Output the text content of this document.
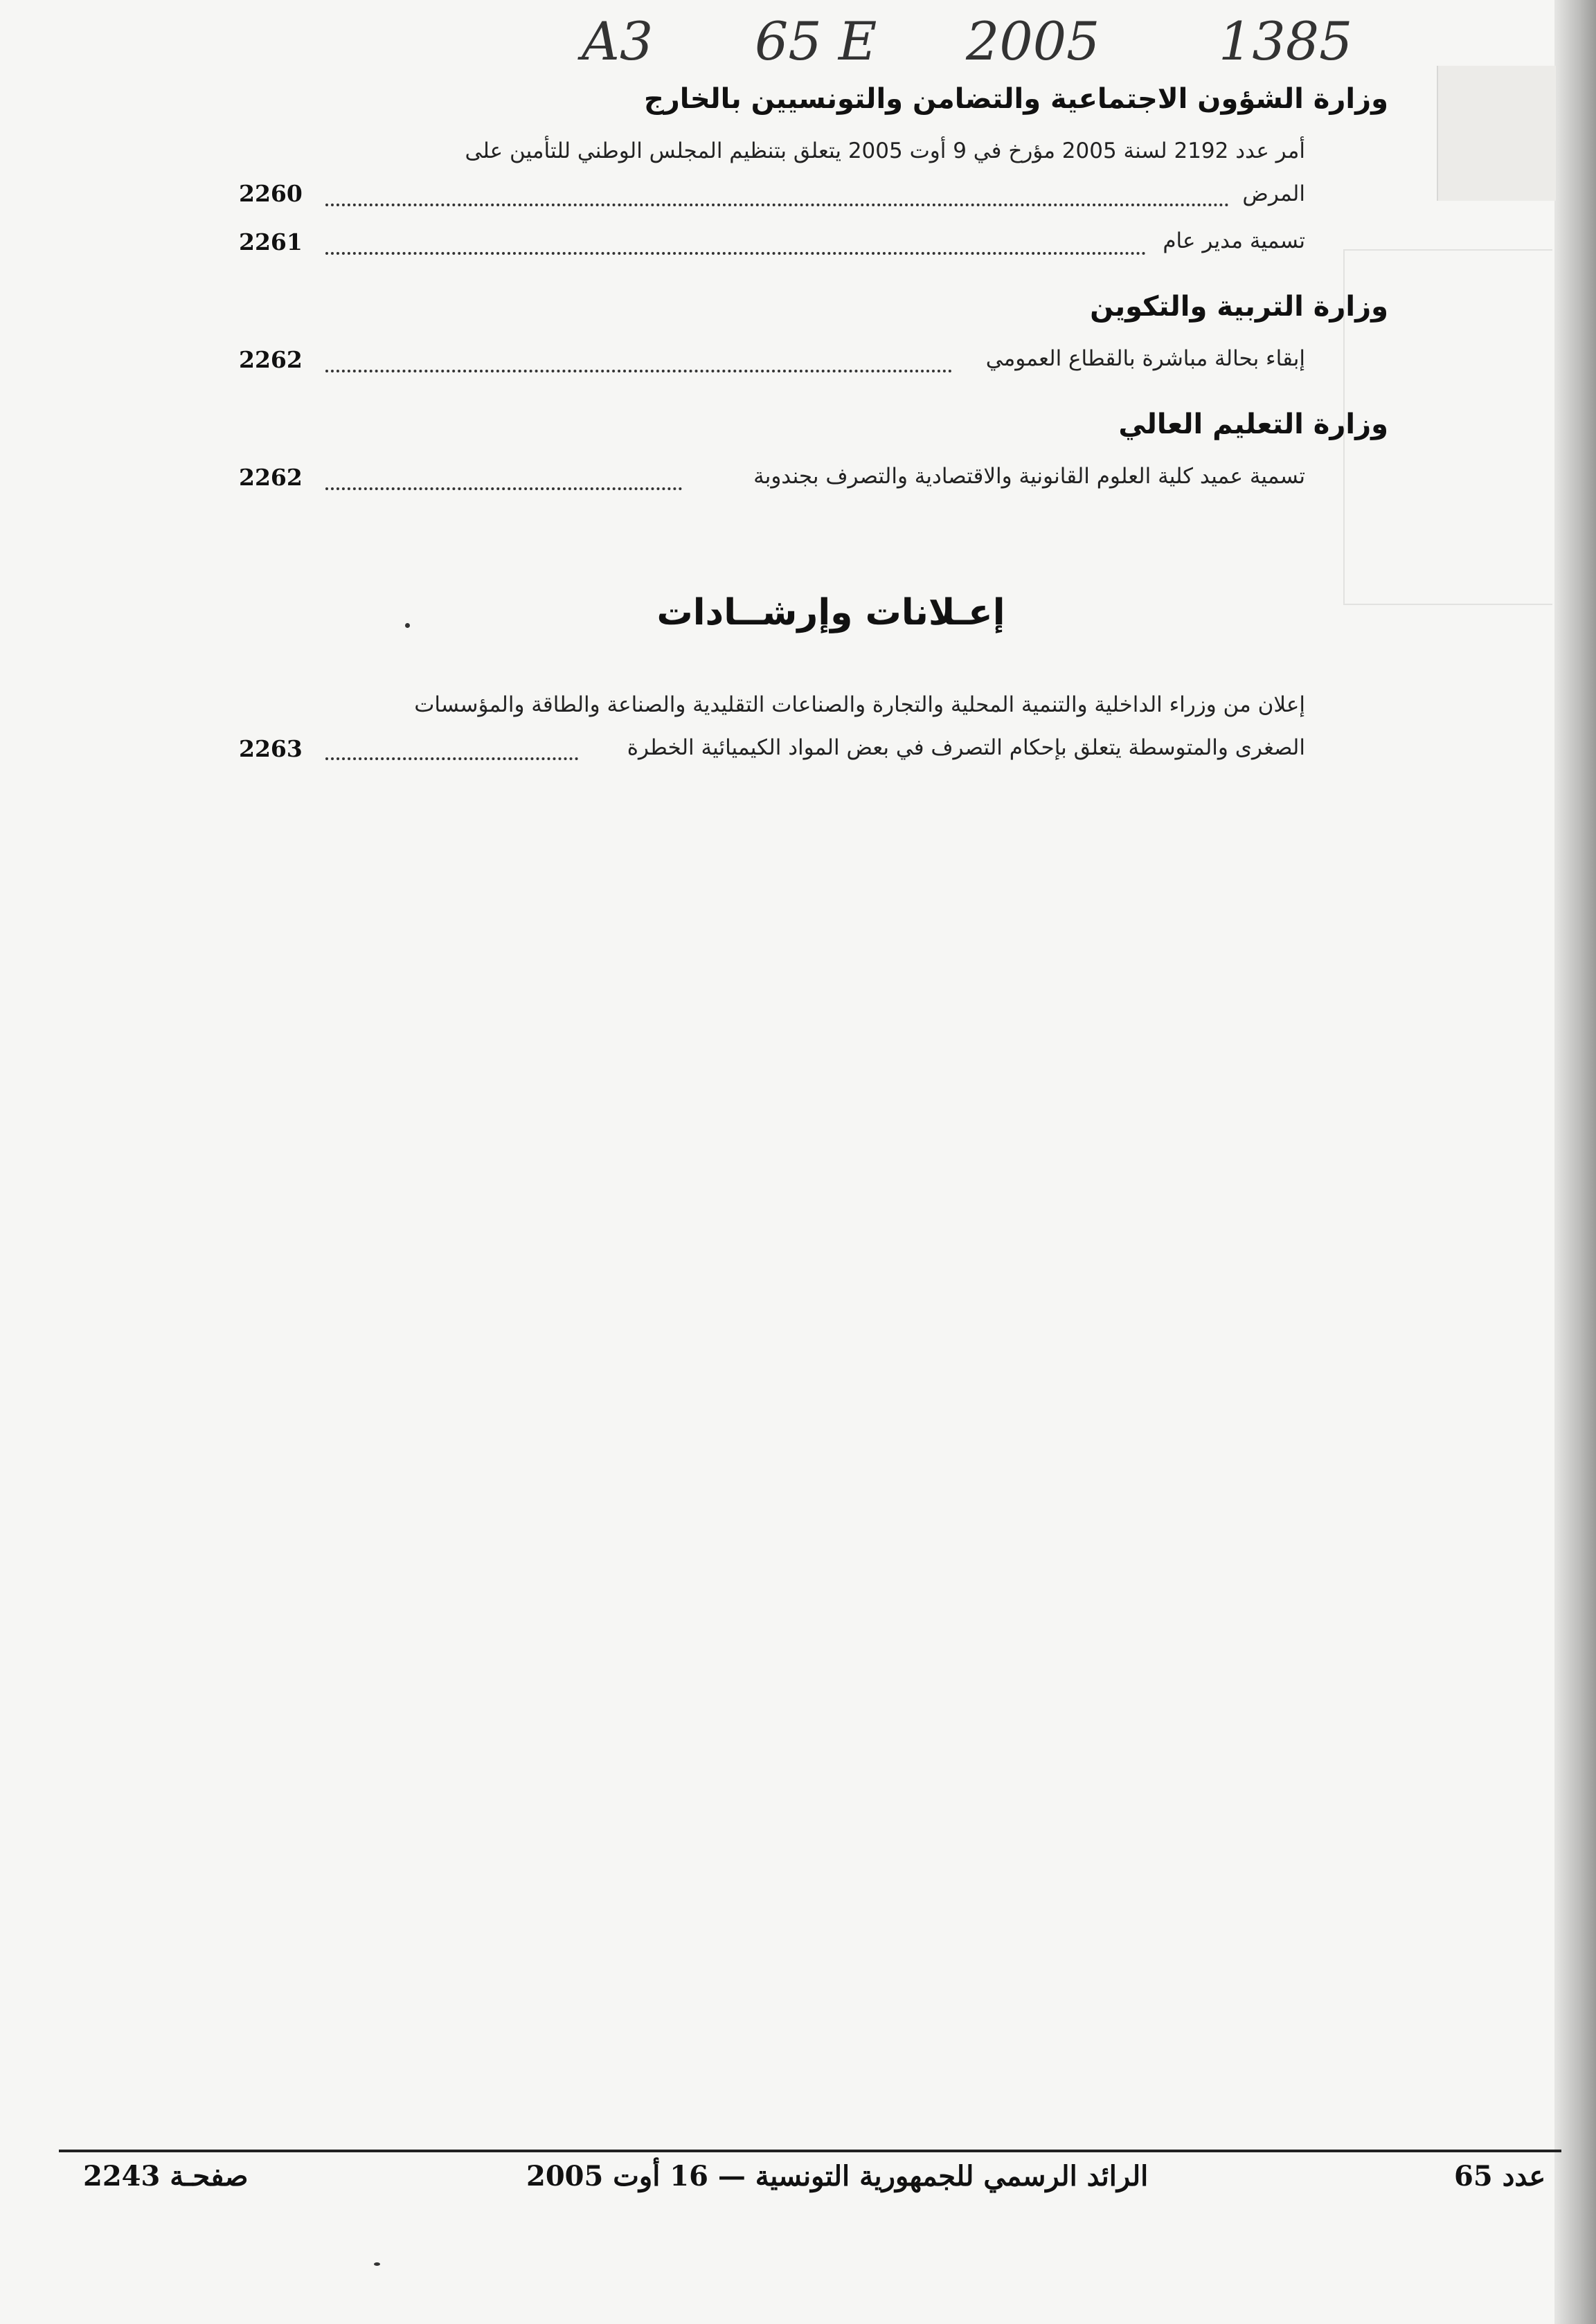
A3 65 E 2005 1385
وزارة الشؤون الاجتماعية والتضامن والتونسيين بالخارج
أمر عدد 2192 لسنة 2005 مؤرخ في 9 أوت 2005 يتعلق بتنظيم المجلس الوطني للتأمين على
المرض
2260
تسمية مدير عام
2261
وزارة التربية والتكوين
إبقاء بحالة مباشرة بالقطاع العمومي
2262
وزارة التعليم العالي
تسمية عميد كلية العلوم القانونية والاقتصادية والتصرف بجندوبة
2262
إعـلانات وإرشــادات
إعلان من وزراء الداخلية والتنمية المحلية والتجارة والصناعات التقليدية والصناعة والطاقة والمؤسسات
الصغرى والمتوسطة يتعلق بإحكام التصرف في بعض المواد الكيميائية الخطرة
2263
عدد 65
الرائد الرسمي للجمهورية التونسية — 16 أوت 2005
صفحـة 2243
